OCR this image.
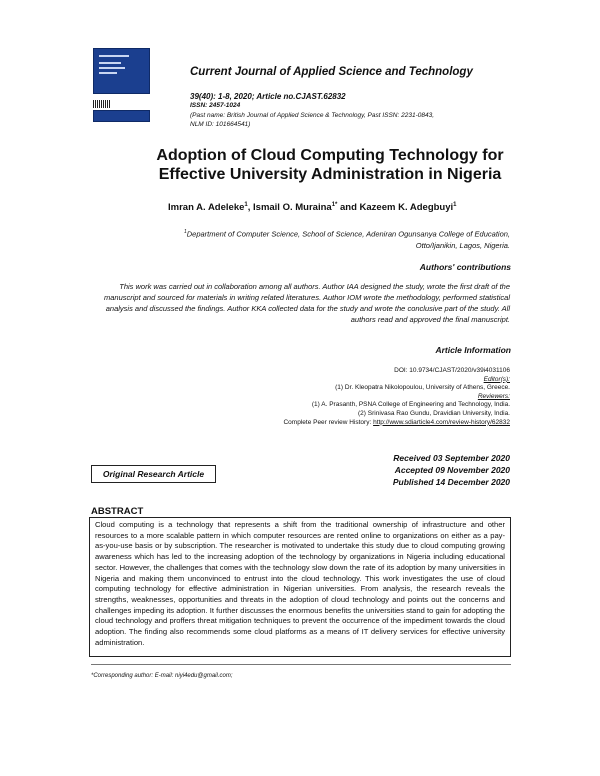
Current Journal of Applied Science and Technology
39(40): 1-8, 2020; Article no.CJAST.62832
ISSN: 2457-1024
(Past name: British Journal of Applied Science & Technology, Past ISSN: 2231-0843,
NLM ID: 101664541)
Adoption of Cloud Computing Technology for
Effective University Administration in Nigeria
Imran A. Adeleke$^1$, Ismail O. Muraina$^{1*}$ and Kazeem K. Adegbuyi$^1$
$^1$Department of Computer Science, School of Science, Adeniran Ogunsanya College of Education,
Otto/Ijanikin, Lagos, Nigeria.
Authors' contributions
This work was carried out in collaboration among all authors. Author IAA designed the study, wrote the first draft of the manuscript and sourced for materials in writing related literatures. Author IOM wrote the methodology, performed statistical analysis and discussed the findings. Author KKA collected data for the study and wrote the conclusive part of the study. All authors read and approved the final manuscript.
Article Information
DOI: 10.9734/CJAST/2020/v39i4031106
Editor(s):
(1) Dr. Kleopatra Nikolopoulou, University of Athens, Greece.
Reviewers:
(1) A. Prasanth, PSNA College of Engineering and Technology, India.
(2) Srinivasa Rao Gundu, Dravidian University, India.
Complete Peer review History: http://www.sdiarticle4.com/review-history/62832
Original Research Article
Received 03 September 2020
Accepted 09 November 2020
Published 14 December 2020
ABSTRACT
Cloud computing is a technology that represents a shift from the traditional ownership of infrastructure and other resources to a more scalable pattern in which computer resources are rented online to organizations on either as a pay-as-you-use basis or by subscription. The researcher is motivated to undertake this study due to cloud computing growing awareness which has led to the increasing adoption of the technology by organizations in Nigeria including educational sector. However, the challenges that comes with the technology slow down the rate of its adoption by many universities in Nigeria and making them unconvinced to entrust into the cloud technology. This work investigates the use of cloud computing technology for effective administration in Nigerian universities. From analysis, the research reveals the strengths, weaknesses, opportunities and threats in the adoption of cloud technology and points out the concerns and challenges impeding its adoption. It further discusses the enormous benefits the universities stand to gain for adopting the cloud technology and proffers threat mitigation techniques to prevent the occurrence of the impediment towards the cloud adoption. The finding also recommends some cloud platforms as a means of IT delivery services for effective university administration.
*Corresponding author: E-mail: niyi4edu@gmail.com;
